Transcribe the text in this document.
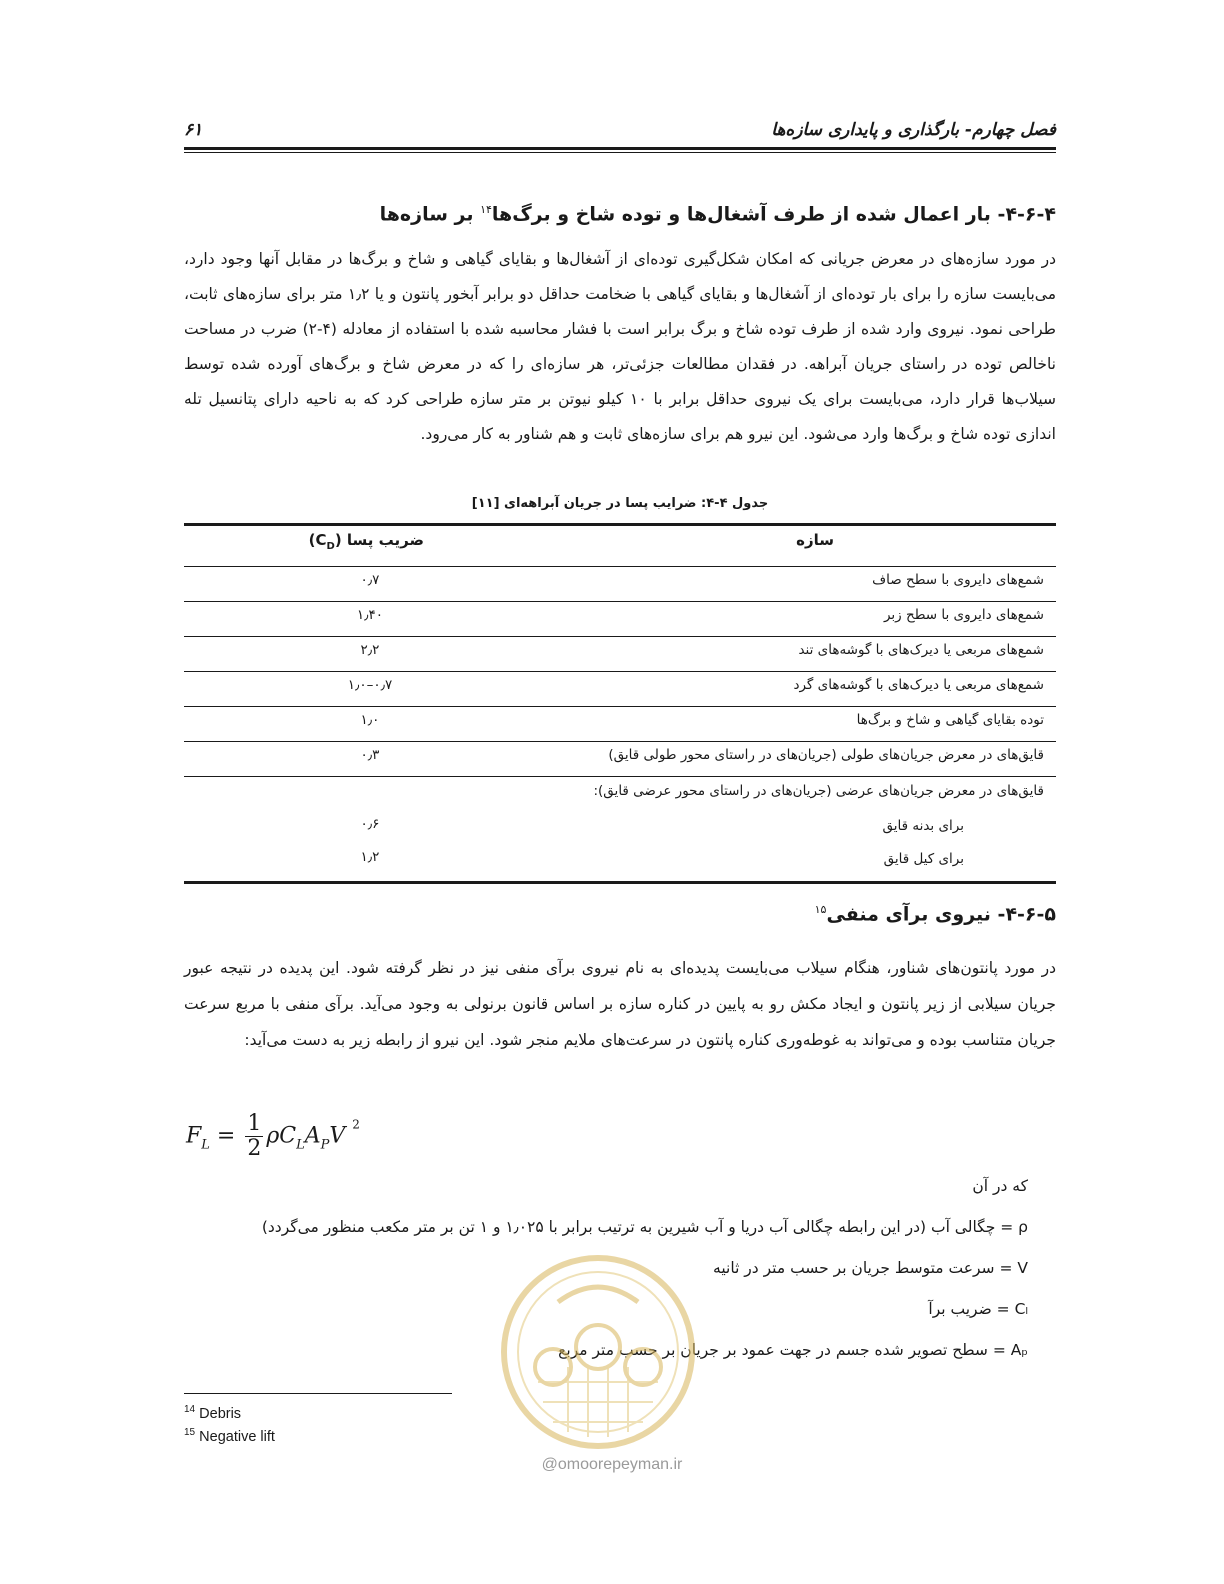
فصل چهارم- بارگذاری و پایداری سازه‌ها
۶۱
۴-۶-۴- بار اعمال شده از طرف آشغال‌ها و توده شاخ و برگ‌ها$^{۱۴}$ بر سازه‌ها
در مورد سازه‌های در معرض جریانی که امکان شکل‌گیری توده‌ای از آشغال‌ها و بقایای گیاهی و شاخ و برگ‌ها در مقابل آنها وجود دارد، می‌بایست سازه را برای بار توده‌ای از آشغال‌ها و بقایای گیاهی با ضخامت حداقل دو برابر آبخور پانتون و یا ۱٫۲ متر برای سازه‌های ثابت، طراحی نمود. نیروی وارد شده از طرف توده شاخ و برگ برابر است با فشار محاسبه شده با استفاده از معادله (۴-۲) ضرب در مساحت ناخالص توده در راستای جریان آبراهه. در فقدان مطالعات جزئی‌تر، هر سازه‌ای را که در معرض شاخ و برگ‌های آورده شده توسط سیلاب‌ها قرار دارد، می‌بایست برای یک نیروی حداقل برابر با ۱۰ کیلو نیوتن بر متر سازه طراحی کرد که به ناحیه دارای پتانسیل تله اندازی توده شاخ و برگ‌ها وارد می‌شود. این نیرو هم برای سازه‌های ثابت و هم شناور به کار می‌رود.
جدول ۴-۴: ضرایب پسا در جریان آبراهه‌ای [۱۱]
سازه
ضریب پسا $(C_D)$
شمع‌های دایروی با سطح صاف
۰٫۷
شمع‌های دایروی با سطح زبر
۱٫۴۰
شمع‌های مربعی یا دیرک‌های با گوشه‌های تند
۲٫۲
شمع‌های مربعی یا دیرک‌های با گوشه‌های گرد
۰٫۷–۱٫۰
توده بقایای گیاهی و شاخ و برگ‌ها
۱٫۰
قایق‌های در معرض جریان‌های طولی (جریان‌های در راستای محور طولی قایق)
۰٫۳
قایق‌های در معرض جریان‌های عرضی (جریان‌های در راستای محور عرضی قایق):
برای بدنه قایق
۰٫۶
برای کیل قایق
۱٫۲
۴-۶-۵- نیروی برآی منفی$^{۱۵}$
در مورد پانتون‌های شناور، هنگام سیلاب می‌بایست پدیده‌ای به نام نیروی برآی منفی نیز در نظر گرفته شود. این پدیده در نتیجه عبور جریان سیلابی از زیر پانتون و ایجاد مکش رو به پایین در کناره سازه بر اساس قانون برنولی به وجود می‌آید. برآی منفی با مربع سرعت جریان متناسب بوده و می‌تواند به غوطه‌وری کناره پانتون در سرعت‌های ملایم منجر شود. این نیرو از رابطه زیر به دست می‌آید:
$F_L = \frac{1}{2} \rho C_LA_PV$ $^2$
که در آن
ρ = چگالی آب (در این رابطه چگالی آب دریا و آب شیرین به ترتیب برابر با ۱٫۰۲۵ و ۱ تن بر متر مکعب منظور می‌گردد)
V = سرعت متوسط جریان بر حسب متر در ثانیه
Cₗ = ضریب برآ
Aₚ = سطح تصویر شده جسم در جهت عمود بر جریان بر حسب متر مربع
@omoorepeyman.ir
$^{14}$ Debris
$^{15}$ Negative lift
